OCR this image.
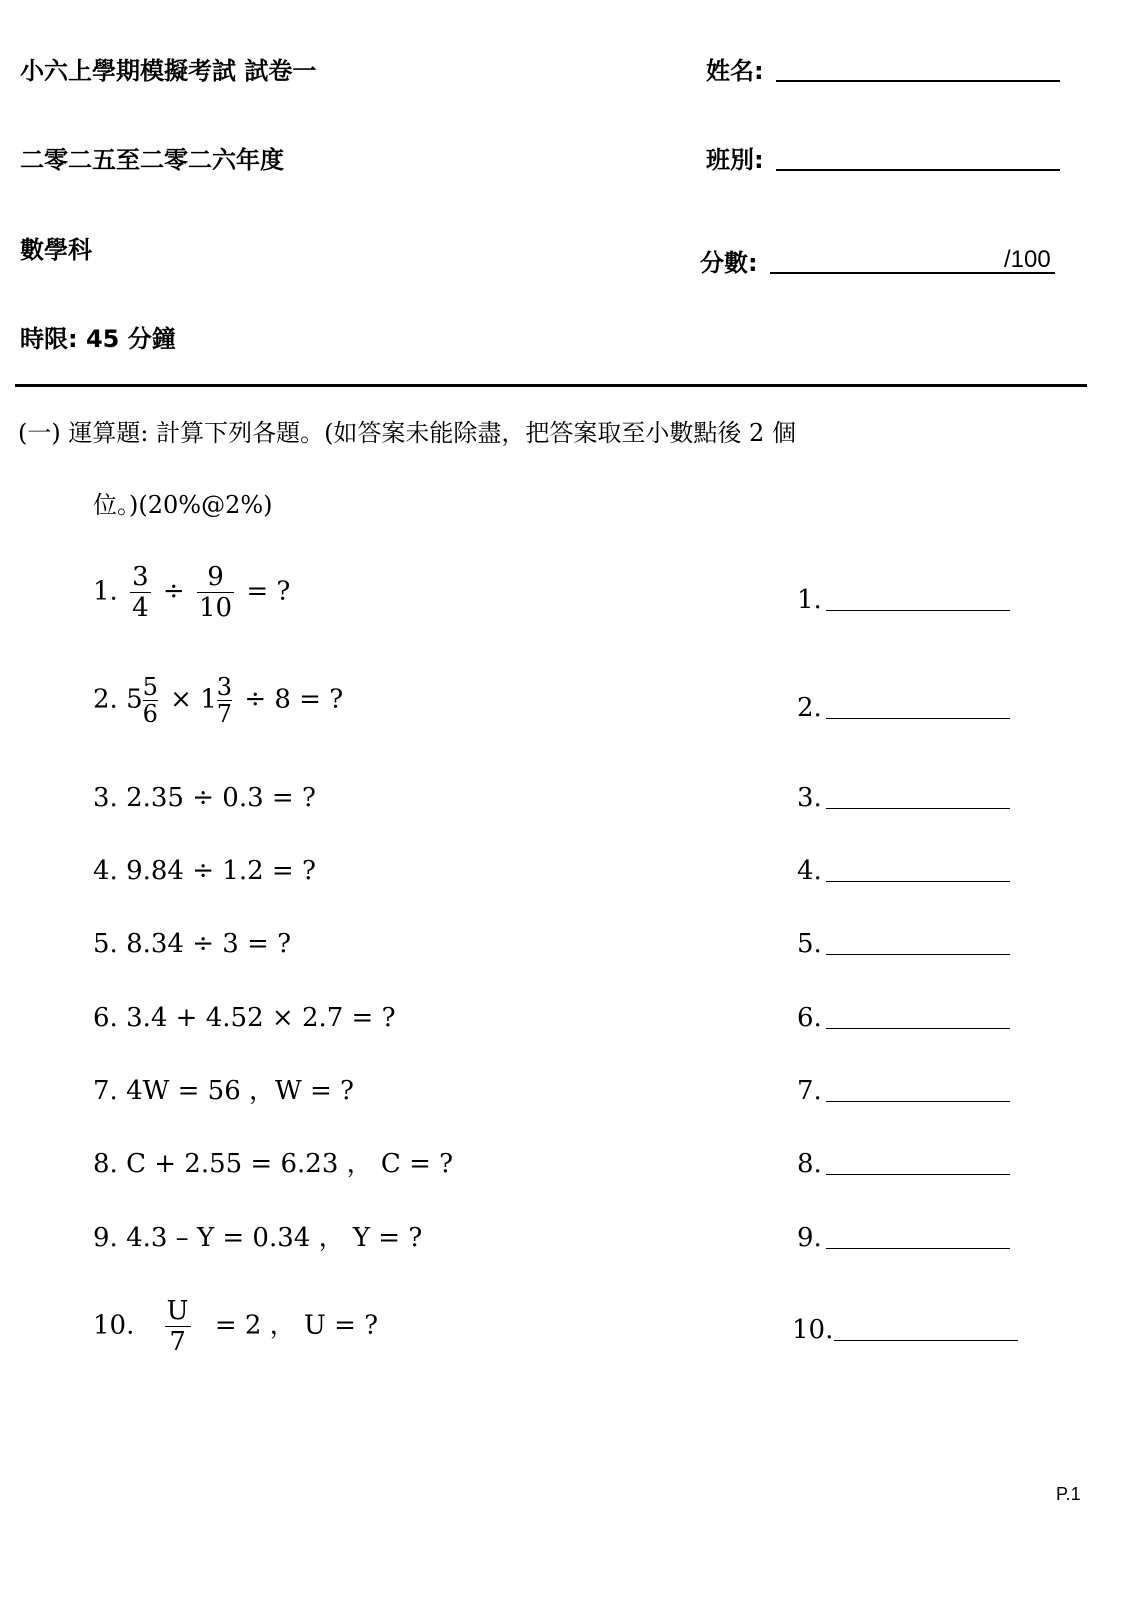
小六上學期模擬考試 試卷一
二零二五至二零二六年度
數學科
時限: 45 分鐘
姓名:
班別:
分數:	/100
(一) 運算題: 計算下列各題。(如答案未能除盡，把答案取至小數點後 2 個
位。)(20%@2%)
1. $\frac{3}{4} \div \frac{9}{10}$ = ?
2. $5 \frac{5}{6} \times 1 \frac{3}{7} \div 8$ = ?
3. 2.35 ÷ 0.3 = ?
4. 9.84 ÷ 1.2 = ?
5. 8.34 ÷ 3 = ?
6. 3.4 + 4.52 × 2.7 = ?
7. 4W = 56 ，W = ?
8. C + 2.55 = 6.23 ， C = ?
9. 4.3 – Y = 0.34 ， Y = ?
10. $\frac{U}{7} = 2$ ， U = ?
1.
2.
3.
4.
5.
6.
7.
8.
9.
10.
P.1
